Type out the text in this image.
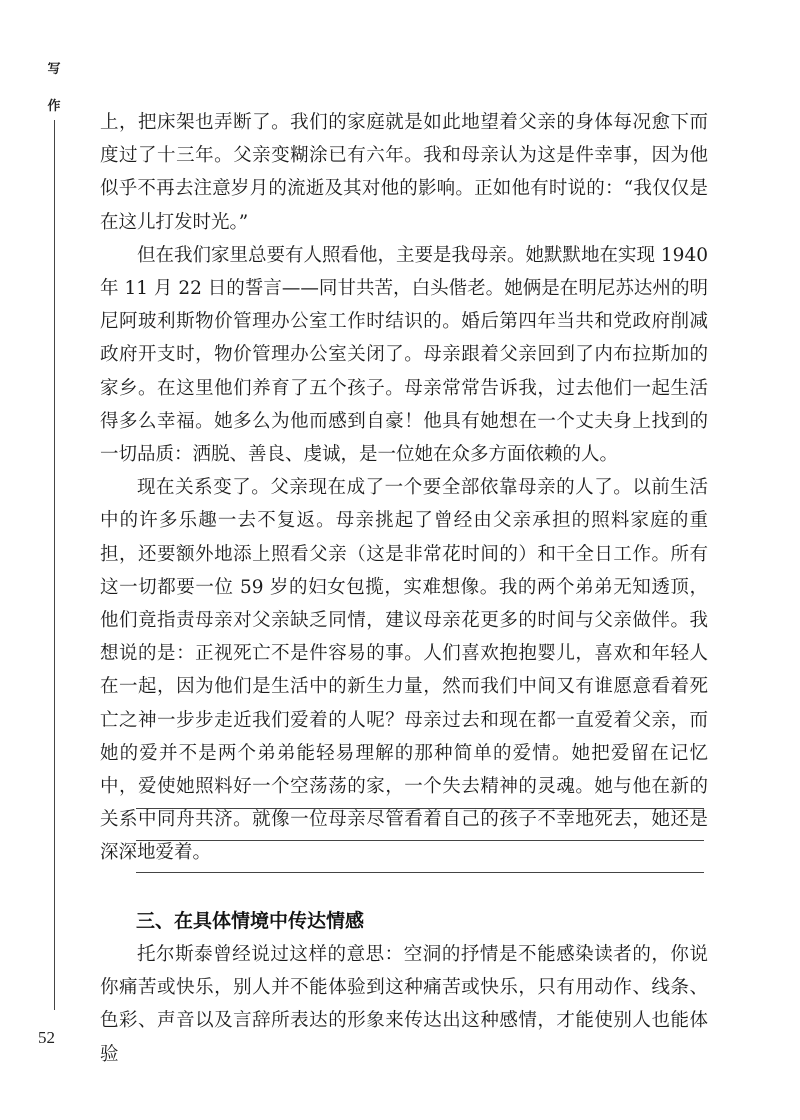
写
作

上，把床架也弄断了。我们的家庭就是如此地望着父亲的身体每况愈下而度过了十三年。父亲变糊涂已有六年。我和母亲认为这是件幸事，因为他似乎不再去注意岁月的流逝及其对他的影响。正如他有时说的：“我仅仅是在这儿打发时光。”

但在我们家里总要有人照看他，主要是我母亲。她默默地在实现 1940 年 11 月 22 日的誓言——同甘共苦，白头偕老。她俩是在明尼苏达州的明尼阿玻利斯物价管理办公室工作时结识的。婚后第四年当共和党政府削减政府开支时，物价管理办公室关闭了。母亲跟着父亲回到了内布拉斯加的家乡。在这里他们养育了五个孩子。母亲常常告诉我，过去他们一起生活得多么幸福。她多么为他而感到自豪！他具有她想在一个丈夫身上找到的一切品质：洒脱、善良、虔诚，是一位她在众多方面依赖的人。

现在关系变了。父亲现在成了一个要全部依靠母亲的人了。以前生活中的许多乐趣一去不复返。母亲挑起了曾经由父亲承担的照料家庭的重担，还要额外地添上照看父亲（这是非常花时间的）和干全日工作。所有这一切都要一位 59 岁的妇女包揽，实难想像。我的两个弟弟无知透顶，他们竟指责母亲对父亲缺乏同情，建议母亲花更多的时间与父亲做伴。我想说的是：正视死亡不是件容易的事。人们喜欢抱抱婴儿，喜欢和年轻人在一起，因为他们是生活中的新生力量，然而我们中间又有谁愿意看着死亡之神一步步走近我们爱着的人呢？母亲过去和现在都一直爱着父亲，而她的爱并不是两个弟弟能轻易理解的那种简单的爱情。她把爱留在记忆中，爱使她照料好一个空荡荡的家，一个失去精神的灵魂。她与他在新的关系中同舟共济。就像一位母亲尽管看着自己的孩子不幸地死去，她还是深深地爱着。

三、在具体情境中传达情感

托尔斯泰曾经说过这样的意思：空洞的抒情是不能感染读者的，你说你痛苦或快乐，别人并不能体验到这种痛苦或快乐，只有用动作、线条、色彩、声音以及言辞所表达的形象来传达出这种感情，才能使别人也能体验

52
